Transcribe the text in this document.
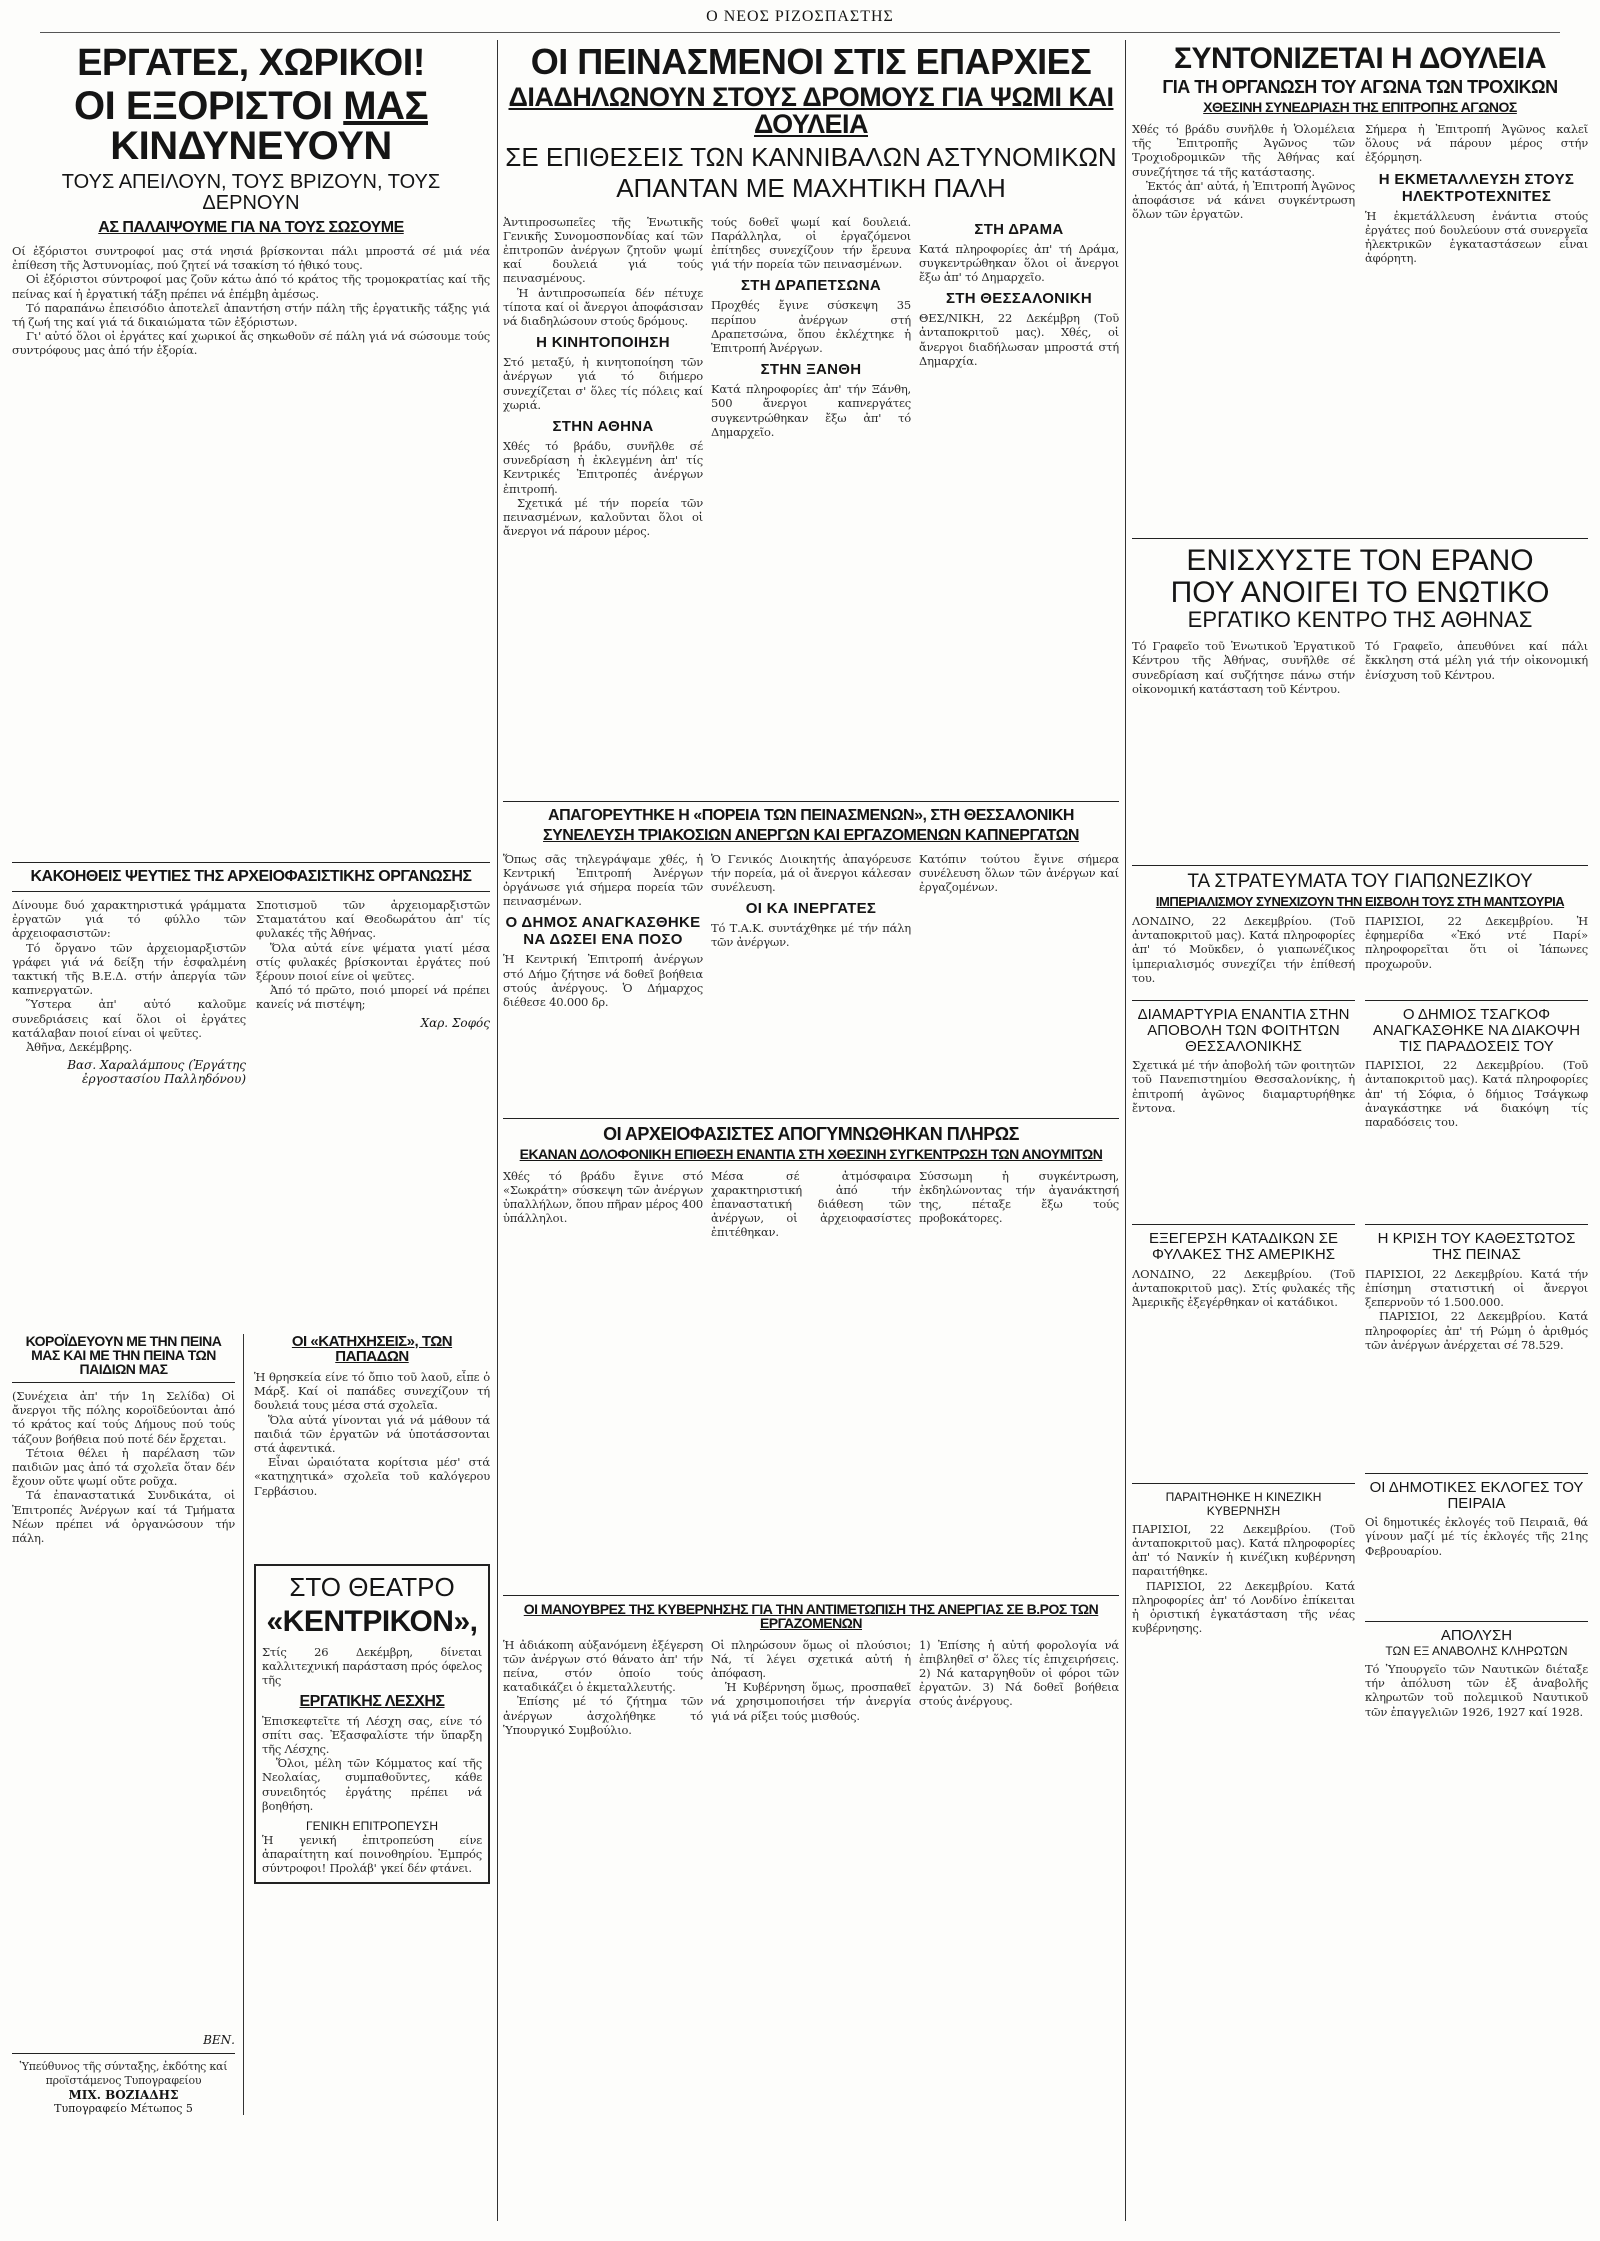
Ο ΝΕΟΣ ΡΙΖΟΣΠΑΣΤΗΣ
ΕΡΓΑΤΕΣ, ΧΩΡΙΚΟΙ!
ΟΙ ΕΞΟΡΙΣΤΟΙ ΜΑΣ ΚΙΝΔΥΝΕΥΟΥΝ
ΤΟΥΣ ΑΠΕΙΛΟΥΝ, ΤΟΥΣ ΒΡΙΖΟΥΝ, ΤΟΥΣ ΔΕΡΝΟΥΝ
ΑΣ ΠΑΛΑΙΨΟΥΜΕ ΓΙΑ ΝΑ ΤΟΥΣ ΣΩΣΟΥΜΕ

Οί ἐξόριστοι συντροφοί μας στά νησιά βρίσκονται πάλι μπροστά σέ μιά νέα ἐπίθεση τῆς Ἀστυνομίας, πού ζητεί νά τσακίση τό ἠθικό τους.

Οἱ ἐξόριστοι σύντροφοί μας ζοῦν κάτω ἀπό τό κράτος τῆς τρομοκρατίας καί τῆς πείνας καί ἡ ἐργατική τάξη πρέπει νά ἐπέμβη ἀμέσως.

Τό παραπάνω ἐπεισόδιο ἀποτελεῖ ἀπαντήση στήν πάλη τῆς ἐργατικῆς τάξης γιά τή ζωή της καί γιά τά δικαιώματα τῶν ἐξόριστων.

Γι' αὐτό ὅλοι οἱ ἐργάτες καί χωρικοί ἄς σηκωθοῦν σέ πάλη γιά νά σώσουμε τούς συντρόφους μας ἀπό τήν ἐξορία.

ΚΑΚΟΗΘΕΙΣ ΨΕΥΤΙΕΣ ΤΗΣ ΑΡΧΕΙΟΦΑΣΙΣΤΙΚΗΣ ΟΡΓΑΝΩΣΗΣ

Δίνουμε δυό χαρακτηριστικά γράμματα ἐργατῶν γιά τό φύλλο τῶν ἀρχειοφασιστῶν:

Τό ὄργανο τῶν ἀρχειομαρξιστῶν γράφει γιά νά δείξη τήν ἐσφαλμένη τακτική τῆς Β.Ε.Δ. στήν ἀπεργία τῶν καπνεργατῶν.

Ὕστερα ἀπ' αὐτό καλοῦμε συνεδριάσεις καί ὅλοι οἱ ἐργάτες κατάλαβαν ποιοί είναι οἱ ψεῦτες.

Ἀθῆνα, Δεκέμβρης.

Βασ. Χαραλάμπους (Ἐργάτης ἐργοστασίου Παλληδόνου)

Σποτισμοῦ τῶν ἀρχειομαρξιστῶν Σταματάτου καί Θεοδωράτου ἀπ' τίς φυλακές τῆς Ἀθήνας.

Ὅλα αὐτά είνε ψέματα γιατί μέσα στίς φυλακές βρίσκονται ἐργάτες πού ξέρουν ποιοί είνε οἱ ψεῦτες.

Ἀπό τό πρῶτο, ποιό μπορεί νά πρέπει κανείς νά πιστέψη;

Χαρ. Σοφός
ΚΟΡΟΪΔΕΥΟΥΝ ΜΕ ΤΗΝ ΠΕΙΝΑ ΜΑΣ ΚΑΙ ΜΕ ΤΗΝ ΠΕΙΝΑ ΤΩΝ ΠΑΙΔΙΩΝ ΜΑΣ

(Συνέχεια ἀπ' τήν 1η Σελίδα) Οἱ ἄνεργοι τῆς πόλης κοροϊδεύονται ἀπό τό κράτος καί τούς Δήμους πού τούς τάζουν βοήθεια πού ποτέ δέν ἔρχεται.

Τέτοια θέλει ἡ παρέλαση τῶν παιδιῶν μας ἀπό τά σχολεῖα ὅταν δέν ἔχουν οὔτε ψωμί οὔτε ροῦχα.

Τά ἐπαναστατικά Συνδικάτα, οἱ Ἐπιτροπές Ἀνέργων καί τά Τμήματα Νέων πρέπει νά ὀργανώσουν τήν πάλη.

ΒΕΝ.
Ὑπεύθυνος τῆς σύνταξης, ἐκδότης καί προϊστάμενος Τυπογραφείου
ΜΙΧ. ΒΟΖΙΑΔΗΣ
Τυπογραφείο Μέτωπος 5
ΟΙ «ΚΑΤΗΧΗΣΕΙΣ», ΤΩΝ ΠΑΠΑΔΩΝ

Ἡ θρησκεία είνε τό ὄπιο τοῦ λαοῦ, εἶπε ὁ Μάρξ. Καί οἱ παπάδες συνεχίζουν τή δουλειά τους μέσα στά σχολεῖα.

Ὅλα αὐτά γίνονται γιά νά μάθουν τά παιδιά τῶν ἐργατῶν νά ὑποτάσσονται στά ἀφεντικά.

Εἶναι ὡραιότατα κορίτσια μέσ' στά «κατηχητικά» σχολεῖα τοῦ καλόγερου Γερβάσιου.

ΣΤΟ ΘΕΑΤΡΟ
«ΚΕΝΤΡΙΚΟΝ»,

Στίς 26 Δεκέμβρη, δίνεται καλλιτεχνική παράσταση πρός όφελος τῆς

ΕΡΓΑΤΙΚΗΣ ΛΕΣΧΗΣ

Ἐπισκεφτεῖτε τή Λέσχη σας, είνε τό σπίτι σας. Ἐξασφαλίστε τήν ὕπαρξη τῆς Λέσχης.

Ὅλοι, μέλη τῶν Κόμματος καί τῆς Νεολαίας, συμπαθοῦντες, κάθε συνειδητός ἐργάτης πρέπει νά βοηθήση.

ΓΕΝΙΚΗ ΕΠΙΤΡΟΠΕΥΣΗ

Ἡ γενική ἐπιτροπεύση είνε ἀπαραίτητη καί ποινοθηρίου. Ἐμπρός σύντροφοι! Προλάβ' γκεί δέν φτάνει.

ΟΙ ΠΕΙΝΑΣΜΕΝΟΙ ΣΤΙΣ ΕΠΑΡΧΙΕΣ
ΔΙΑΔΗΛΩΝΟΥΝ ΣΤΟΥΣ ΔΡΟΜΟΥΣ ΓΙΑ ΨΩΜΙ ΚΑΙ ΔΟΥΛΕΙΑ
ΣΕ ΕΠΙΘΕΣΕΙΣ ΤΩΝ ΚΑΝΝΙΒΑΛΩΝ ΑΣΤΥΝΟΜΙΚΩΝ
ΑΠΑΝΤΑΝ ΜΕ ΜΑΧΗΤΙΚΗ ΠΑΛΗ

Ἀντιπροσωπεῖες τῆς Ἑνωτικῆς Γενικῆς Συνομοσπονδίας καί τῶν ἐπιτροπῶν ἀνέργων ζητοῦν ψωμί καί δουλειά γιά τούς πεινασμένους.

Ἡ ἀντιπροσωπεία δέν πέτυχε τίποτα καί οἱ ἄνεργοι ἀποφάσισαν νά διαδηλώσουν στούς δρόμους.

Η ΚΙΝΗΤΟΠΟΙΗΣΗ

Στό μεταξύ, ἡ κινητοποίηση τῶν ἀνέργων γιά τό διήμερο συνεχίζεται σ' ὅλες τίς πόλεις καί χωριά.

ΣΤΗΝ ΑΘΗΝΑ

Χθές τό βράδυ, συνῆλθε σέ συνεδρίαση ἡ ἐκλεγμένη ἀπ' τίς Κεντρικές Ἐπιτροπές ἀνέργων ἐπιτροπή.

Σχετικά μέ τήν πορεία τῶν πεινασμένων, καλοῦνται ὅλοι οἱ ἄνεργοι νά πάρουν μέρος.

τούς δοθεῖ ψωμί καί δουλειά. Παράλληλα, οἱ ἐργαζόμενοι ἐπίτηδες συνεχίζουν τήν ἔρευνα γιά τήν πορεία τῶν πεινασμένων.

ΣΤΗ ΔΡΑΠΕΤΣΩΝΑ

Προχθές ἔγινε σύσκεψη 35 περίπου ἀνέργων στή Δραπετσώνα, ὅπου ἐκλέχτηκε ἡ Ἐπιτροπή Ἀνέργων.

ΣΤΗΝ ΞΑΝΘΗ

Κατά πληροφορίες ἀπ' τήν Ξάνθη, 500 ἄνεργοι καπνεργάτες συγκεντρώθηκαν ἔξω ἀπ' τό Δημαρχεῖο.

ΣΤΗ ΔΡΑΜΑ

Κατά πληροφορίες ἀπ' τή Δράμα, συγκεντρώθηκαν ὅλοι οἱ ἄνεργοι ἔξω ἀπ' τό Δημαρχεῖο.

ΣΤΗ ΘΕΣΣΑΛΟΝΙΚΗ

ΘΕΣ/ΝΙΚΗ, 22 Δεκέμβρη (Τοῦ ἀνταποκριτοῦ μας). Χθές, οἱ ἄνεργοι διαδήλωσαν μπροστά στή Δημαρχία.

ΑΠΑΓΟΡΕΥΤΗΚΕ Η «ΠΟΡΕΙΑ ΤΩΝ ΠΕΙΝΑΣΜΕΝΩΝ», ΣΤΗ ΘΕΣΣΑΛΟΝΙΚΗ
ΣΥΝΕΛΕΥΣΗ ΤΡΙΑΚΟΣΙΩΝ ΑΝΕΡΓΩΝ ΚΑΙ ΕΡΓΑΖΟΜΕΝΩΝ ΚΑΠΝΕΡΓΑΤΩΝ

Ὅπως σᾶς τηλεγράψαμε χθές, ἡ Κεντρική Ἐπιτροπή Ἀνέργων ὀργάνωσε γιά σήμερα πορεία τῶν πεινασμένων.

Ο ΔΗΜΟΣ ΑΝΑΓΚΑΣΘΗΚΕ ΝΑ ΔΩΣΕΙ ΕΝΑ ΠΟΣΟ

Ἡ Κεντρική Ἐπιτροπή ἀνέργων στό Δήμο ζήτησε νά δοθεῖ βοήθεια στούς ἀνέργους. Ὁ Δήμαρχος διέθεσε 40.000 δρ.

Ὁ Γενικός Διοικητής ἀπαγόρευσε τήν πορεία, μά οἱ ἄνεργοι κάλεσαν συνέλευση.

ΟΙ ΚΑ ΙΝΕΡΓΑΤΕΣ

Τό Τ.Α.Κ. συντάχθηκε μέ τήν πάλη τῶν ἀνέργων.

Κατόπιν τούτου ἔγινε σήμερα συνέλευση ὅλων τῶν ἀνέργων καί ἐργαζομένων.

ΟΙ ΑΡΧΕΙΟΦΑΣΙΣΤΕΣ ΑΠΟΓΥΜΝΩΘΗΚΑΝ ΠΛΗΡΩΣ
ΕΚΑΝΑΝ ΔΟΛΟΦΟΝΙΚΗ ΕΠΙΘΕΣΗ ΕΝΑΝΤΙΑ ΣΤΗ ΧΘΕΣΙΝΗ ΣΥΓΚΕΝΤΡΩΣΗ ΤΩΝ ΑΝΟΥΜΙΤΩΝ

Χθές τό βράδυ ἔγινε στό «Σωκράτη» σύσκεψη τῶν ἀνέργων ὑπαλλήλων, ὅπου πῆραν μέρος 400 ὑπάλληλοι.

Μέσα σέ ἀτμόσφαιρα χαρακτηριστική ἀπό τήν ἐπαναστατική διάθεση τῶν ἀνέργων, οἱ ἀρχειοφασίστες ἐπιτέθηκαν.

Σύσσωμη ἡ συγκέντρωση, ἐκδηλώνοντας τήν ἀγανάκτησή της, πέταξε ἔξω τούς προβοκάτορες.

ΟΙ ΜΑΝΟΥΒΡΕΣ ΤΗΣ ΚΥΒΕΡΝΗΣΗΣ ΓΙΑ ΤΗΝ ΑΝΤΙΜΕΤΩΠΙΣΗ ΤΗΣ ΑΝΕΡΓΙΑΣ ΣΕ Β.ΡΟΣ ΤΩΝ ΕΡΓΑΖΟΜΕΝΩΝ

Ἡ ἀδιάκοπη αὐξανόμενη ἐξέγερση τῶν ἀνέργων στό θάνατο ἀπ' τήν πείνα, στόν ὁποίο τούς καταδικάζει ὁ ἐκμεταλλευτής.

Ἐπίσης μέ τό ζήτημα τῶν ἀνέργων ἀσχολήθηκε τό Ὑπουργικό Συμβούλιο.

Οἱ πληρώσουν ὅμως οἱ πλούσιοι; Νά, τί λέγει σχετικά αὐτή ἡ ἀπόφαση.

Ἡ Κυβέρνηση ὅμως, προσπαθεῖ νά χρησιμοποιήσει τήν ἀνεργία γιά νά ρίξει τούς μισθούς.

1) Ἐπίσης ἡ αὐτή φορολογία νά ἐπιβληθεῖ σ' ὅλες τίς ἐπιχειρήσεις. 2) Νά καταργηθοῦν οἱ φόροι τῶν ἐργατῶν. 3) Νά δοθεῖ βοήθεια στούς ἀνέργους.

ΣΥΝΤΟΝΙΖΕΤΑΙ Η ΔΟΥΛΕΙΑ
ΓΙΑ ΤΗ ΟΡΓΑΝΩΣΗ ΤΟΥ ΑΓΩΝΑ ΤΩΝ ΤΡΟΧΙΚΩΝ
ΧΘΕΣΙΝΗ ΣΥΝΕΔΡΙΑΣΗ ΤΗΣ ΕΠΙΤΡΟΠΗΣ ΑΓΩΝΟΣ

Χθές τό βράδυ συνῆλθε ἡ Ὁλομέλεια τῆς Ἐπιτροπῆς Ἀγῶνος τῶν Τροχιοδρομικῶν τῆς Ἀθήνας καί συνεζήτησε τά τῆς κατάστασης.

Ἐκτός ἀπ' αὐτά, ἡ Ἐπιτροπή Ἀγῶνος ἀποφάσισε νά κάνει συγκέντρωση ὅλων τῶν ἐργατῶν.

Σήμερα ἡ Ἐπιτροπή Ἀγῶνος καλεῖ ὅλους νά πάρουν μέρος στήν ἐξόρμηση.

Η ΕΚΜΕΤΑΛΛΕΥΣΗ ΣΤΟΥΣ ΗΛΕΚΤΡΟΤΕΧΝΙΤΕΣ

Ἡ ἐκμετάλλευση ἐνάντια στούς ἐργάτες πού δουλεύουν στά συνεργεῖα ἠλεκτρικῶν ἐγκαταστάσεων εἶναι ἀφόρητη.

ΕΝΙΣΧΥΣΤΕ ΤΟΝ ΕΡΑΝΟ
ΠΟΥ ΑΝΟΙΓΕΙ ΤΟ ΕΝΩΤΙΚΟ
ΕΡΓΑΤΙΚΟ ΚΕΝΤΡΟ ΤΗΣ ΑΘΗΝΑΣ

Τό Γραφεῖο τοῦ Ἑνωτικοῦ Ἐργατικοῦ Κέντρου τῆς Ἀθήνας, συνῆλθε σέ συνεδρίαση καί συζήτησε πάνω στήν οἰκονομική κατάσταση τοῦ Κέντρου.

Τό Γραφεῖο, ἀπευθύνει καί πάλι ἔκκληση στά μέλη γιά τήν οἰκονομική ἐνίσχυση τοῦ Κέντρου.

ΤΑ ΣΤΡΑΤΕΥΜΑΤΑ ΤΟΥ ΓΙΑΠΩΝΕΖΙΚΟΥ
ΙΜΠΕΡΙΑΛΙΣΜΟΥ ΣΥΝΕΧΙΖΟΥΝ ΤΗΝ ΕΙΣΒΟΛΗ ΤΟΥΣ ΣΤΗ ΜΑΝΤΣΟΥΡΙΑ

ΛΟΝΔΙΝΟ, 22 Δεκεμβρίου. (Τοῦ ἀνταποκριτοῦ μας). Κατά πληροφορίες ἀπ' τό Μοῦκδεν, ὁ γιαπωνέζικος ἰμπεριαλισμός συνεχίζει τήν ἐπίθεσή του.

ΔΙΑΜΑΡΤΥΡΙΑ ΕΝΑΝΤΙΑ ΣΤΗΝ ΑΠΟΒΟΛΗ ΤΩΝ ΦΟΙΤΗΤΩΝ ΘΕΣΣΑΛΟΝΙΚΗΣ

Σχετικά μέ τήν ἀποβολή τῶν φοιτητῶν τοῦ Πανεπιστημίου Θεσσαλονίκης, ἡ ἐπιτροπή ἀγῶνος διαμαρτυρήθηκε ἔντονα.

ΕΞΕΓΕΡΣΗ ΚΑΤΑΔΙΚΩΝ ΣΕ ΦΥΛΑΚΕΣ ΤΗΣ ΑΜΕΡΙΚΗΣ

ΛΟΝΔΙΝΟ, 22 Δεκεμβρίου. (Τοῦ ἀνταποκριτοῦ μας). Στίς φυλακές τῆς Ἀμερικῆς ἐξεγέρθηκαν οἱ κατάδικοι.

ΠΑΡΑΙΤΗΘΗΚΕ Η ΚΙΝΕΖΙΚΗ ΚΥΒΕΡΝΗΣΗ

ΠΑΡΙΣΙΟΙ, 22 Δεκεμβρίου. (Τοῦ ἀνταποκριτοῦ μας). Κατά πληροφορίες ἀπ' τό Νανκίν ἡ κινέζικη κυβέρνηση παραιτήθηκε.

ΠΑΡΙΣΙΟΙ, 22 Δεκεμβρίου. Κατά πληροφορίες ἀπ' τό Λονδίνο ἐπίκειται ἡ ὁριστική ἐγκατάσταση τῆς νέας κυβέρνησης.

ΠΑΡΙΣΙΟΙ, 22 Δεκεμβρίου. Ἡ ἐφημερίδα «Ἐκό ντέ Παρί» πληροφορεῖται ὅτι οἱ Ἰάπωνες προχωροῦν.

Ο ΔΗΜΙΟΣ ΤΣΑΓΚΟΦ ΑΝΑΓΚΑΣΘΗΚΕ ΝΑ ΔΙΑΚΟΨΗ ΤΙΣ ΠΑΡΑΔΟΣΕΙΣ ΤΟΥ

ΠΑΡΙΣΙΟΙ, 22 Δεκεμβρίου. (Τοῦ ἀνταποκριτοῦ μας). Κατά πληροφορίες ἀπ' τή Σόφια, ὁ δήμιος Τσάγκωφ ἀναγκάστηκε νά διακόψη τίς παραδόσεις του.

Η ΚΡΙΣΗ ΤΟΥ ΚΑΘΕΣΤΩΤΟΣ ΤΗΣ ΠΕΙΝΑΣ

ΠΑΡΙΣΙΟΙ, 22 Δεκεμβρίου. Κατά τήν ἐπίσημη στατιστική οἱ ἄνεργοι ξεπερνοῦν τό 1.500.000.

ΠΑΡΙΣΙΟΙ, 22 Δεκεμβρίου. Κατά πληροφορίες ἀπ' τή Ρώμη ὁ ἀριθμός τῶν ἀνέργων ἀνέρχεται σέ 78.529.

ΟΙ ΔΗΜΟΤΙΚΕΣ ΕΚΛΟΓΕΣ ΤΟΥ ΠΕΙΡΑΙΑ

Οἱ δημοτικές ἐκλογές τοῦ Πειραιᾶ, θά γίνουν μαζί μέ τίς ἐκλογές τῆς 21ης Φεβρουαρίου.

ΑΠΟΛΥΣΗ
ΤΩΝ ΕΞ ΑΝΑΒΟΛΗΣ ΚΛΗΡΩΤΩΝ

Τό Ὑπουργεῖο τῶν Ναυτικῶν διέταξε τήν ἀπόλυση τῶν ἐξ ἀναβολῆς κληρωτῶν τοῦ πολεμικοῦ Ναυτικοῦ τῶν ἐπαγγελιῶν 1926, 1927 καί 1928.
